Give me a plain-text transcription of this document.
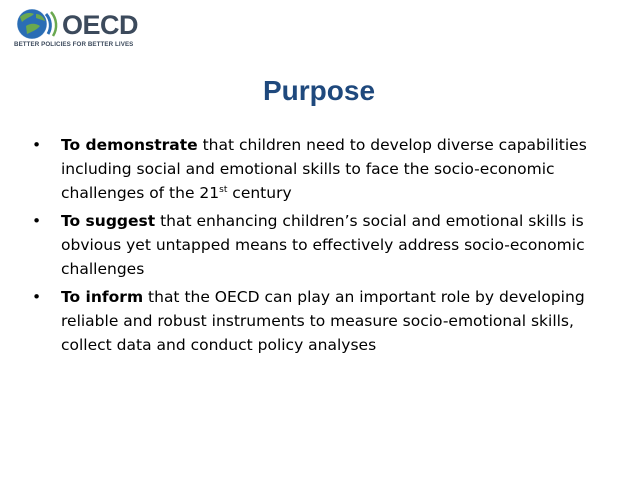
OECD
BETTER POLICIES FOR BETTER LIVES
Purpose
•	To demonstrate that children need to develop diverse capabilities including social and emotional skills to face the socio-economic challenges of the 21st century
•	To suggest that enhancing children’s social and emotional skills is obvious yet untapped means to effectively address socio-economic challenges
•	To inform that the OECD can play an important role by developing reliable and robust instruments to measure socio-emotional skills, collect data and conduct policy analyses
